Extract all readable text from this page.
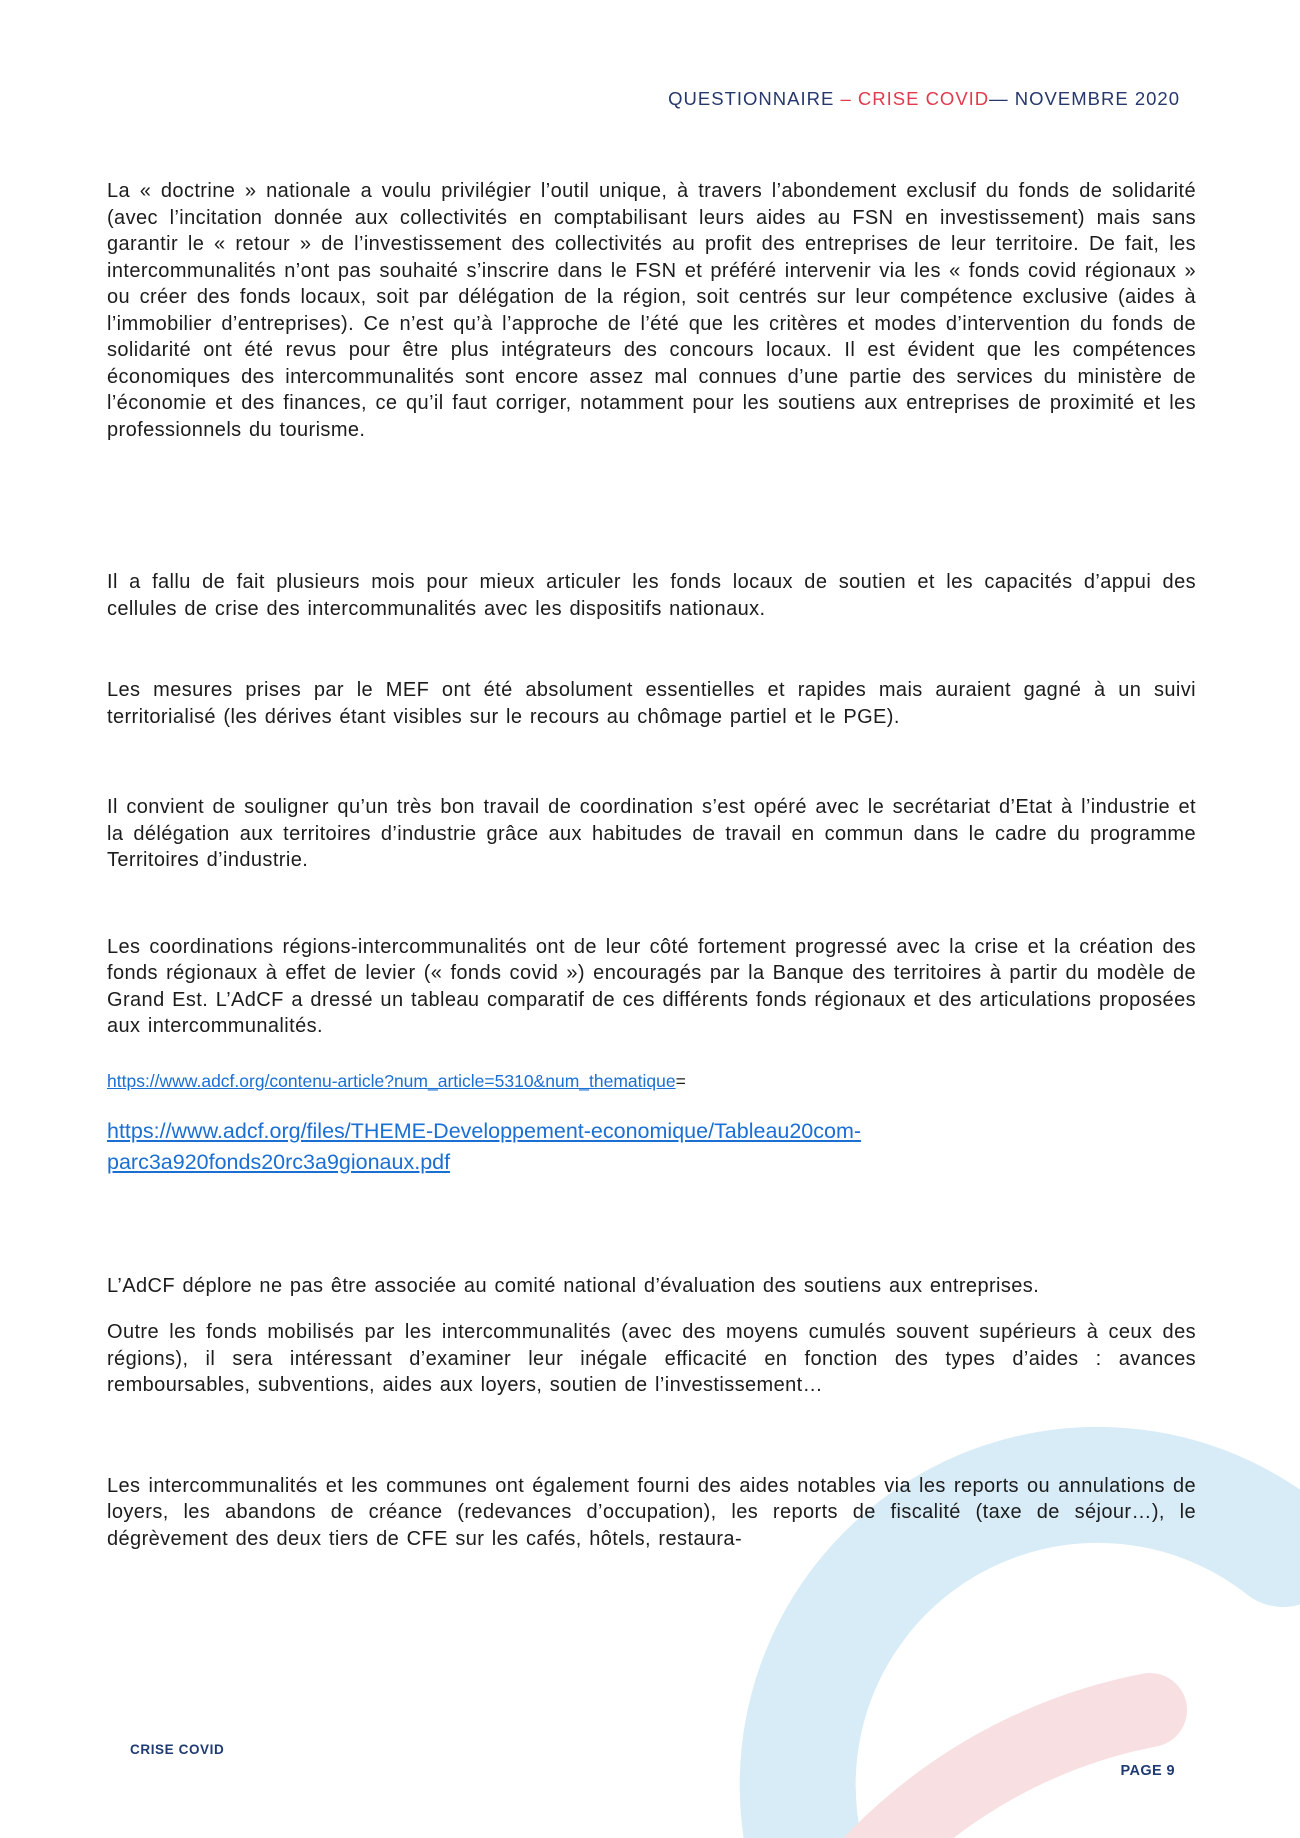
QUESTIONNAIRE – CRISE COVID— NOVEMBRE 2020

La « doctrine » nationale a voulu privilégier l’outil unique, à travers l’abondement exclusif du fonds de solidarité (avec l’incitation donnée aux collectivités en comptabilisant leurs aides au FSN en investissement) mais sans garantir le « retour » de l’investissement des collectivités au profit des entreprises de leur territoire. De fait, les intercommunalités n’ont pas souhaité s’inscrire dans le FSN et préféré intervenir via les « fonds covid régionaux » ou créer des fonds locaux, soit par délégation de la région, soit centrés sur leur compétence exclusive (aides à l’immobilier d’entreprises). Ce n’est qu’à l’approche de l’été que les critères et modes d’intervention du fonds de solidarité ont été revus pour être plus intégrateurs des concours locaux. Il est évident que les compétences économiques des intercommunalités sont encore assez mal connues d’une partie des services du ministère de l’économie et des finances, ce qu’il faut corriger, notamment pour les soutiens aux entreprises de proximité et les professionnels du tourisme.

Il a fallu de fait plusieurs mois pour mieux articuler les fonds locaux de soutien et les capacités d’appui des cellules de crise des intercommunalités avec les dispositifs nationaux.

Les mesures prises par le MEF ont été absolument essentielles et rapides mais auraient gagné à un suivi territorialisé (les dérives étant visibles sur le recours au chômage partiel et le PGE).

Il convient de souligner qu’un très bon travail de coordination s’est opéré avec le secrétariat d’Etat à l’industrie et la délégation aux territoires d’industrie grâce aux habitudes de travail en commun dans le cadre du programme Territoires d’industrie.

Les coordinations régions-intercommunalités ont de leur côté fortement progressé avec la crise et la création des fonds régionaux à effet de levier (« fonds covid ») encouragés par la Banque des territoires à partir du modèle de Grand Est. L’AdCF a dressé un tableau comparatif de ces différents fonds régionaux et des articulations proposées aux intercommunalités.

https://www.adcf.org/contenu-article?num_article=5310&num_thematique=

https://www.adcf.org/files/THEME-Developpement-economique/Tableau20com-parc3a920fonds20rc3a9gionaux.pdf

L’AdCF déplore ne pas être associée au comité national d’évaluation des soutiens aux entreprises.

Outre les fonds mobilisés par les intercommunalités (avec des moyens cumulés souvent supérieurs à ceux des régions), il sera intéressant d’examiner leur inégale efficacité en fonction des types d’aides : avances remboursables, subventions, aides aux loyers, soutien de l’investissement…

Les intercommunalités et les communes ont également fourni des aides notables via les reports ou annulations de loyers, les abandons de créance (redevances d’occupation), les reports de fiscalité (taxe de séjour…), le dégrèvement des deux tiers de CFE sur les cafés, hôtels, restaura-

CRISE COVID
PAGE 9
